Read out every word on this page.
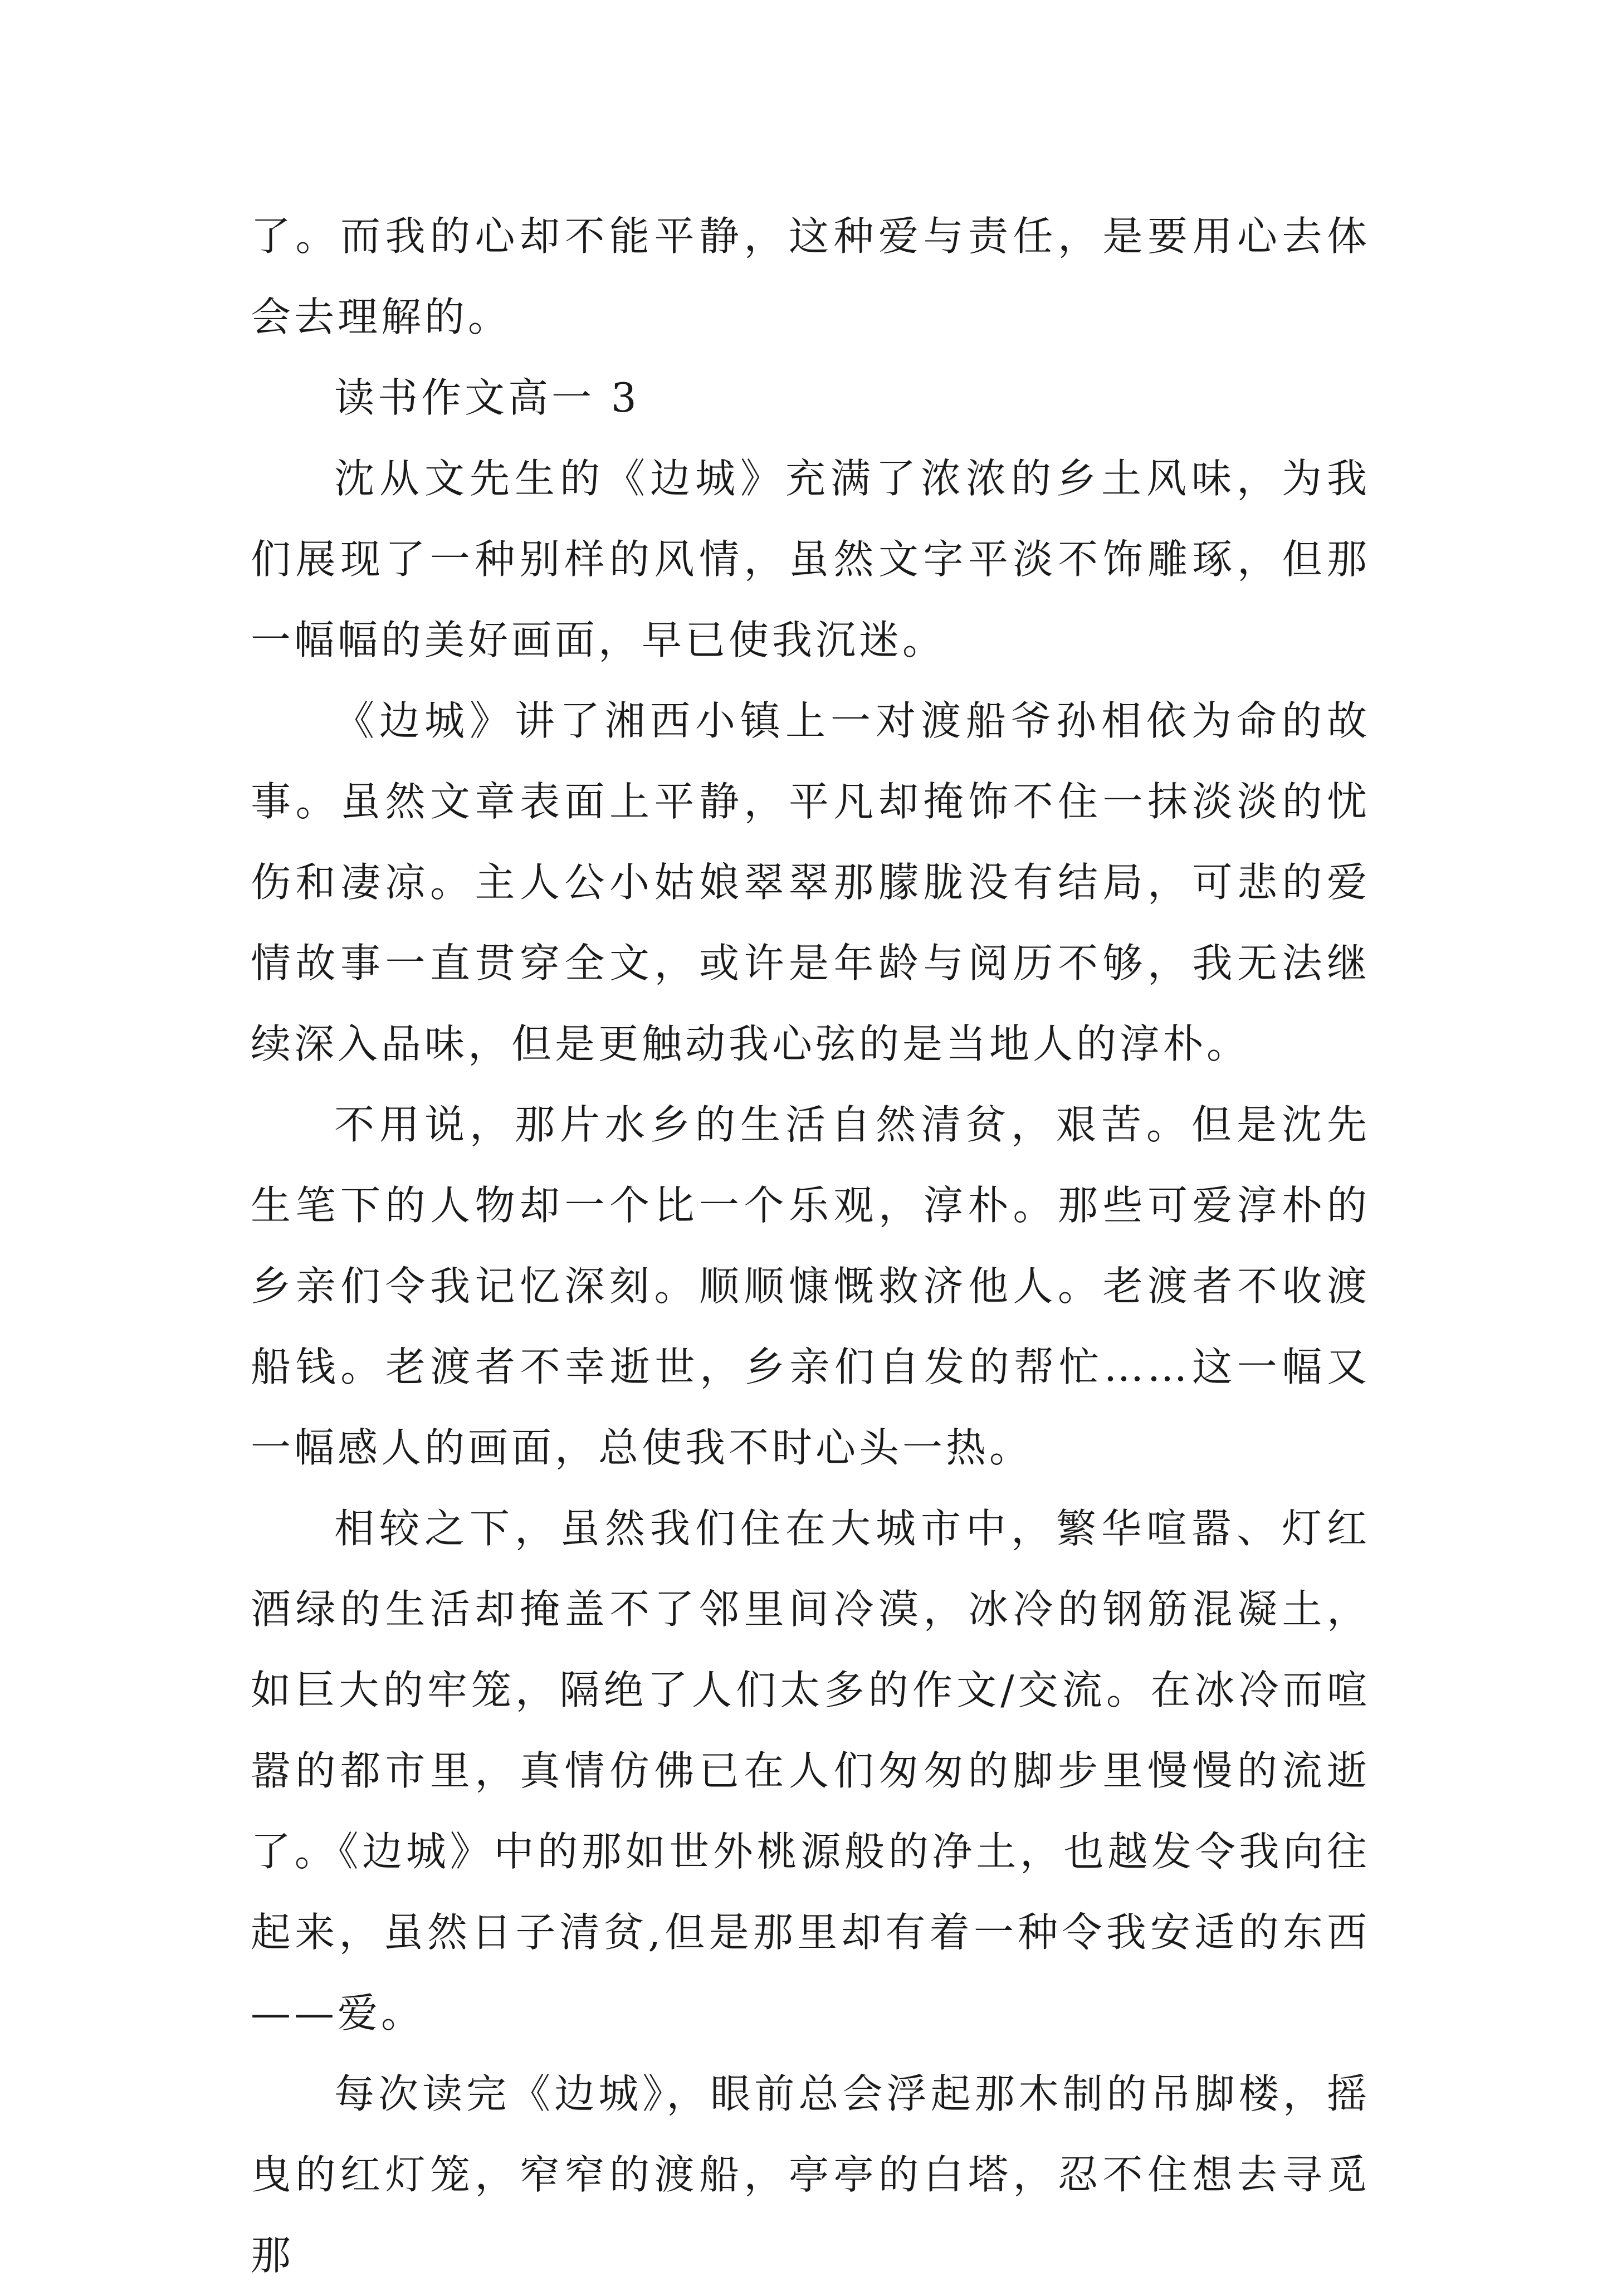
了。而我的心却不能平静，这种爱与责任，是要用心去体会去理解的。

读书作文高一 3

沈从文先生的《边城》充满了浓浓的乡土风味，为我们展现了一种别样的风情，虽然文字平淡不饰雕琢，但那一幅幅的美好画面，早已使我沉迷。

《边城》讲了湘西小镇上一对渡船爷孙相依为命的故事。虽然文章表面上平静，平凡却掩饰不住一抹淡淡的忧伤和凄凉。主人公小姑娘翠翠那朦胧没有结局，可悲的爱情故事一直贯穿全文，或许是年龄与阅历不够，我无法继续深入品味，但是更触动我心弦的是当地人的淳朴。

不用说，那片水乡的生活自然清贫，艰苦。但是沈先生笔下的人物却一个比一个乐观，淳朴。那些可爱淳朴的乡亲们令我记忆深刻。顺顺慷慨救济他人。老渡者不收渡船钱。老渡者不幸逝世，乡亲们自发的帮忙……这一幅又一幅感人的画面，总使我不时心头一热。

相较之下，虽然我们住在大城市中，繁华喧嚣、灯红酒绿的生活却掩盖不了邻里间冷漠，冰冷的钢筋混凝土，如巨大的牢笼，隔绝了人们太多的作文/交流。在冰冷而喧嚣的都市里，真情仿佛已在人们匆匆的脚步里慢慢的流逝了。《边城》中的那如世外桃源般的净土，也越发令我向往起来，虽然日子清贫,但是那里却有着一种令我安适的东西——爱。

每次读完《边城》，眼前总会浮起那木制的吊脚楼，摇曳的红灯笼，窄窄的渡船，亭亭的白塔，忍不住想去寻觅那
